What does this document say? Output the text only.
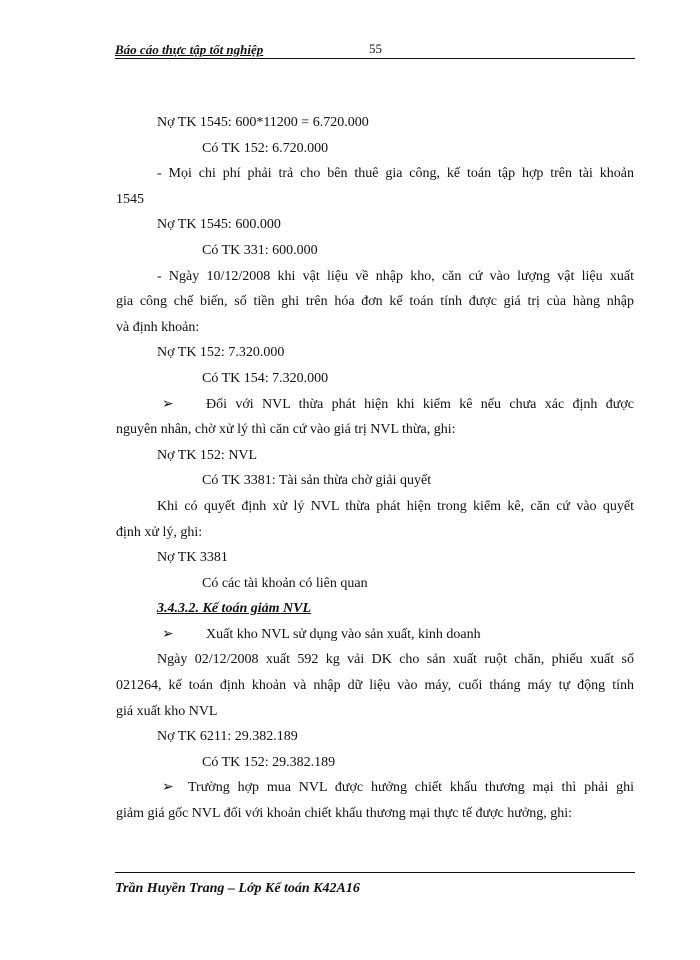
Báo cáo thực tập tốt nghiệp	55
Nợ TK 1545: 600*11200 = 6.720.000
Có TK 152: 6.720.000
- Mọi chi phí phải trả cho bên thuê gia công, kế toán tập hợp trên tài khoản
1545
Nợ TK 1545: 600.000
Có TK 331: 600.000
- Ngày 10/12/2008 khi vật liệu về nhập kho, căn cứ vào lượng vật liệu xuất
gia công chế biến, số tiền ghi trên hóa đơn kế toán tính được giá trị của hàng nhập
và định khoản:
Nợ TK 152: 7.320.000
Có TK 154: 7.320.000
➢	Đối với NVL thừa phát hiện khi kiểm kê nếu chưa xác định được
nguyên nhân, chờ xử lý thì căn cứ vào giá trị NVL thừa, ghi:
Nợ TK 152: NVL
Có TK 3381: Tài sản thừa chờ giải quyết
Khi có quyết định xử lý NVL thừa phát hiện trong kiểm kê, căn cứ vào quyết
định xử lý, ghi:
Nợ TK 3381
Có các tài khoản có liên quan
3.4.3.2. Kế toán giảm NVL
➢	Xuất kho NVL sử dụng vào sản xuất, kinh doanh
Ngày 02/12/2008 xuất 592 kg vải DK cho sản xuất ruột chăn, phiếu xuất số
021264, kế toán định khoản và nhập dữ liệu vào máy, cuối tháng máy tự động tính
giá xuất kho NVL
Nợ TK 6211: 29.382.189
Có TK 152: 29.382.189
➢	Trường hợp mua NVL được hưởng chiết khấu thương mại thì phải ghi
giảm giá gốc NVL đối với khoản chiết khấu thương mại thực tế được hưởng, ghi:
Trần Huyền Trang – Lớp Kế toán K42A16
